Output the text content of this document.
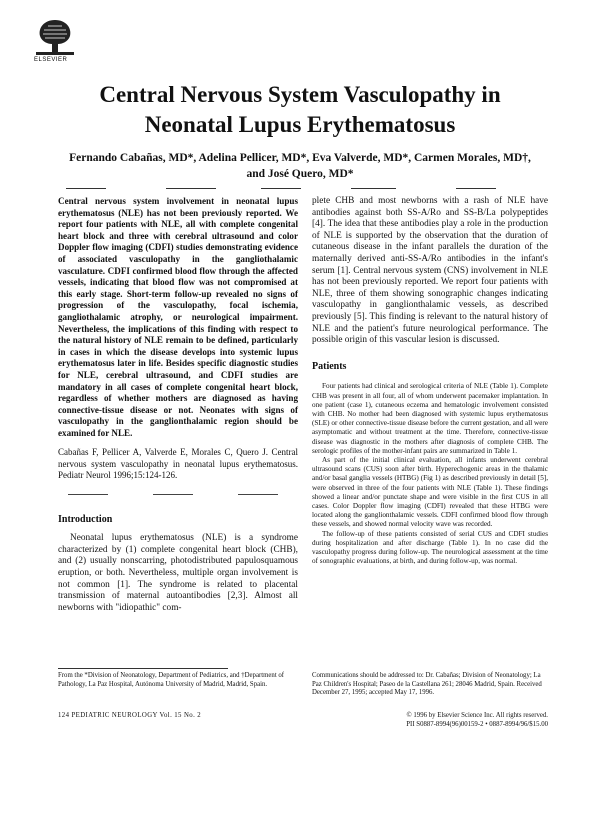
ELSEVIER
Central Nervous System Vasculopathy in
Neonatal Lupus Erythematosus
Fernando Cabañas, MD*, Adelina Pellicer, MD*, Eva Valverde, MD*, Carmen Morales, MD†,
and José Quero, MD*

Central nervous system involvement in neonatal lupus erythematosus (NLE) has not been previously reported. We report four patients with NLE, all with complete congenital heart block and three with cerebral ultrasound and color Doppler flow imaging (CDFI) studies demonstrating evidence of associated vasculopathy in the gangliothalamic vasculature. CDFI confirmed blood flow through the affected vessels, indicating that blood flow was not compromised at this early stage. Short-term follow-up revealed no signs of progression of the vasculopathy, focal ischemia, gangliothalamic atrophy, or neurological impairment. Nevertheless, the implications of this finding with respect to the natural history of NLE remain to be defined, particularly in cases in which the disease develops into systemic lupus erythematosus later in life. Besides specific diagnostic studies for NLE, cerebral ultrasound, and CDFI studies are mandatory in all cases of complete congenital heart block, regardless of whether mothers are diagnosed as having connective-tissue disease or not. Neonates with signs of vasculopathy in the ganglionthalamic region should be examined for NLE.

Cabañas F, Pellicer A, Valverde E, Morales C, Quero J. Central nervous system vasculopathy in neonatal lupus erythematosus. Pediatr Neurol 1996;15:124-126.

Introduction

Neonatal lupus erythematosus (NLE) is a syndrome characterized by (1) complete congenital heart block (CHB), and (2) usually nonscarring, photodistributed papulosquamous eruption, or both. Nevertheless, multiple organ involvement is not common [1]. The syndrome is related to placental transmission of maternal autoantibodies [2,3]. Almost all newborns with "idiopathic" com-

plete CHB and most newborns with a rash of NLE have antibodies against both SS-A/Ro and SS-B/La polypeptides [4]. The idea that these antibodies play a role in the production of NLE is supported by the observation that the duration of cutaneous disease in the infant parallels the duration of the maternally derived anti-SS-A/Ro antibodies in the infant's serum [1]. Central nervous system (CNS) involvement in NLE has not been previously reported. We report four patients with NLE, three of them showing sonographic changes indicating vasculopathy in ganglionthalamic vessels, as described previously [5]. This finding is relevant to the natural history of NLE and the patient's future neurological performance. The possible origin of this vascular lesion is discussed.

Patients

Four patients had clinical and serological criteria of NLE (Table 1). Complete CHB was present in all four, all of whom underwent pacemaker implantation. In one patient (case 1), cutaneous eczema and hematologic involvement consisted with CHB. No mother had been diagnosed with systemic lupus erythematosus (SLE) or other connective-tissue disease before the current gestation, and all were asymptomatic and without treatment at the time. Therefore, connective-tissue disease was diagnostic in the mothers after diagnosis of complete CHB. The serologic profiles of the mother-infant pairs are summarized in Table 1.

As part of the initial clinical evaluation, all infants underwent cerebral ultrasound scans (CUS) soon after birth. Hyperechogenic areas in the thalamic and/or basal ganglia vessels (HTBG) (Fig 1) as described previously in detail [5], were observed in three of the four patients with NLE (Table 1). These findings showed a linear and/or punctate shape and were visible in the first CUS in all cases. Color Doppler flow imaging (CDFI) revealed that these HTBG were located along the ganglionthalamic vessels. CDFI confirmed blood flow through these vessels, and showed normal velocity wave was recorded.

The follow-up of these patients consisted of serial CUS and CDFI studies during hospitalization and after discharge (Table 1). In no case did the vasculopathy progress during follow-up. The neurological assessment at the time of sonographic evaluations, at birth, and during follow-up, was normal.

From the *Division of Neonatology, Department of Pediatrics, and †Department of Pathology, La Paz Hospital, Autónoma University of Madrid, Madrid, Spain.
Communications should be addressed to: Dr. Cabañas; Division of Neonatology; La Paz Children's Hospital; Paseo de la Castellana 261; 28046 Madrid, Spain. Received December 27, 1995; accepted May 17, 1996.
124 PEDIATRIC NEUROLOGY Vol. 15 No. 2	© 1996 by Elsevier Science Inc. All rights reserved.
PII S0887-8994(96)00159-2 • 0887-8994/96/$15.00
